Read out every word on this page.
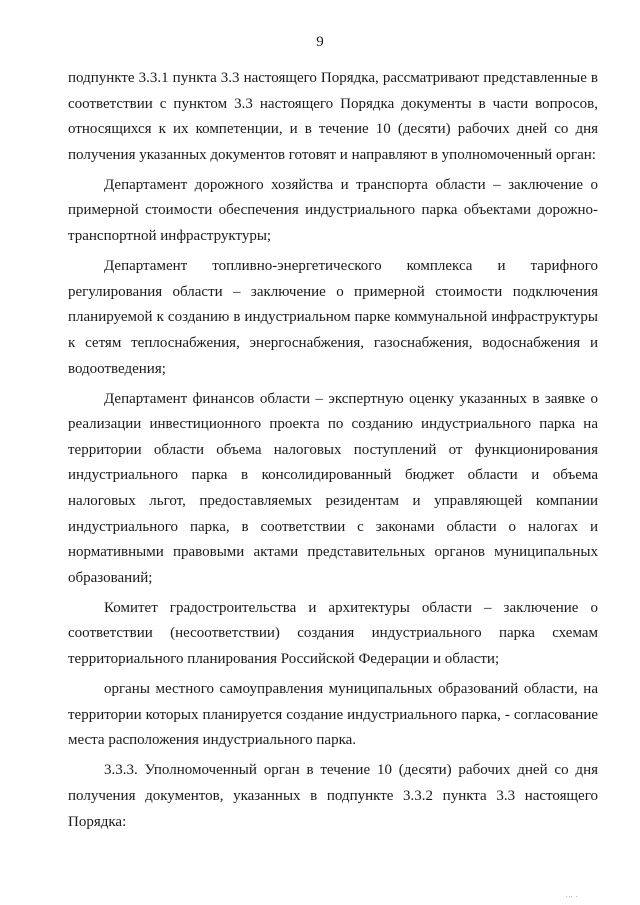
9

подпункте 3.3.1 пункта 3.3 настоящего Порядка, рассматривают представленные в соответствии с пунктом 3.3 настоящего Порядка документы в части вопросов, относящихся к их компетенции, и в течение 10 (десяти) рабочих дней со дня получения указанных документов готовят и направляют в уполномоченный орган:

Департамент дорожного хозяйства и транспорта области – заключение о примерной стоимости обеспечения индустриального парка объектами дорожно-транспортной инфраструктуры;

Департамент топливно-энергетического комплекса и тарифного регулирования области – заключение о примерной стоимости подключения планируемой к созданию в индустриальном парке коммунальной инфраструктуры к сетям теплоснабжения, энергоснабжения, газоснабжения, водоснабжения и водоотведения;

Департамент финансов области – экспертную оценку указанных в заявке о реализации инвестиционного проекта по созданию индустриального парка на территории области объема налоговых поступлений от функционирования индустриального парка в консолидированный бюджет области и объема налоговых льгот, предоставляемых резидентам и управляющей компании индустриального парка, в соответствии с законами области о налогах и нормативными правовыми актами представительных органов муниципальных образований;

Комитет градостроительства и архитектуры области – заключение о соответствии (несоответствии) создания индустриального парка схемам территориального планирования Российской Федерации и области;

органы местного самоуправления муниципальных образований области, на территории которых планируется создание индустриального парка, - согласование места расположения индустриального парка.

3.3.3. Уполномоченный орган в течение 10 (десяти) рабочих дней со дня получения документов, указанных в подпункте 3.3.2 пункта 3.3 настоящего Порядка:

... .
